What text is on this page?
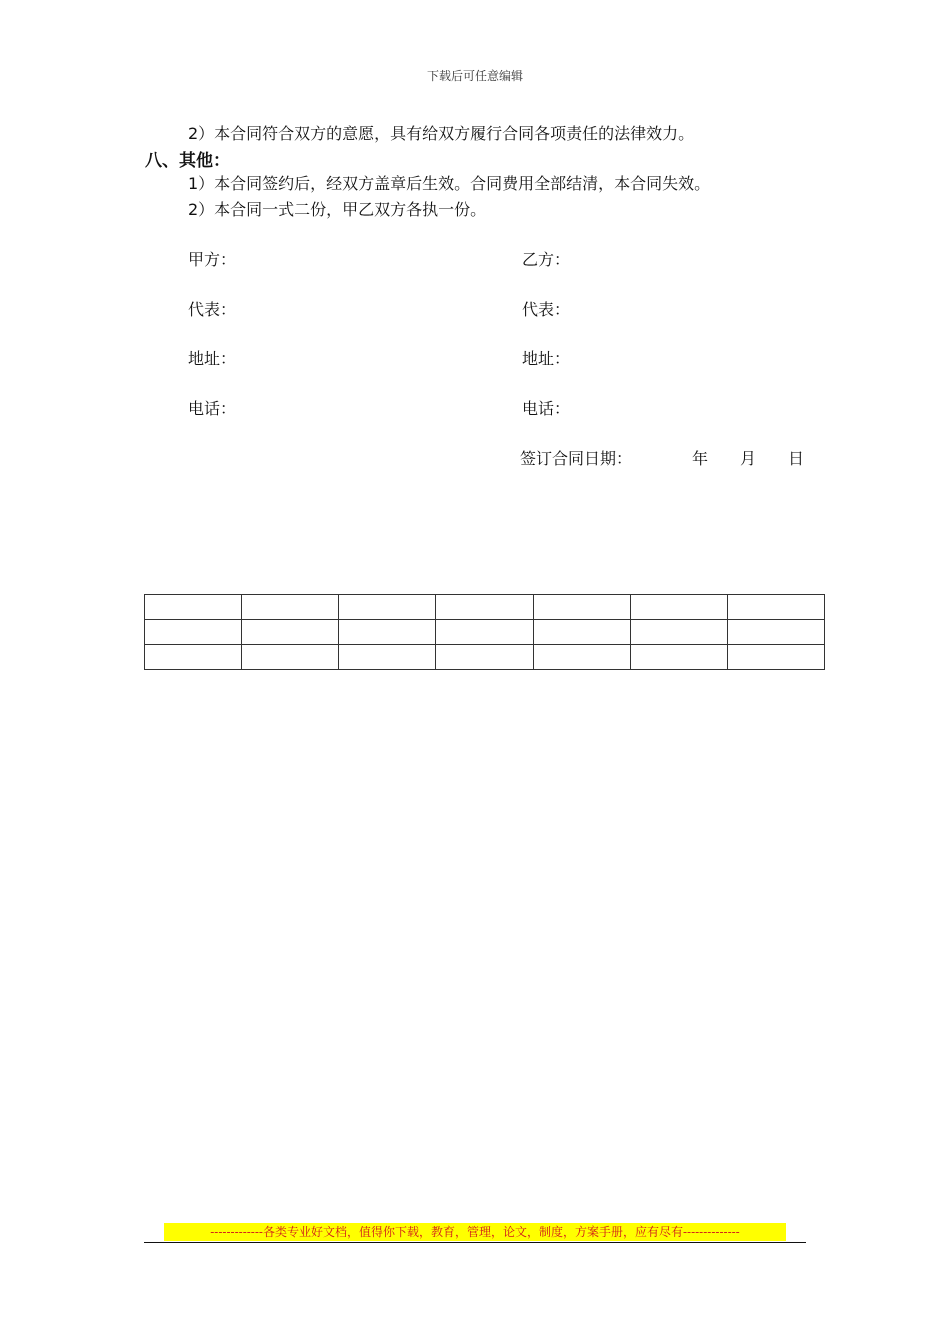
下载后可任意编辑
2）本合同符合双方的意愿，具有给双方履行合同各项责任的法律效力。
八、其他：
1）本合同签约后，经双方盖章后生效。合同费用全部结清，本合同失效。
2）本合同一式二份，甲乙双方各执一份。
甲方：	乙方：
代表：	代表：
地址：	地址：
电话：	电话：
签订合同日期：	年 月 日

-------------各类专业好文档，值得你下载，教育，管理，论文，制度，方案手册，应有尽有--------------
